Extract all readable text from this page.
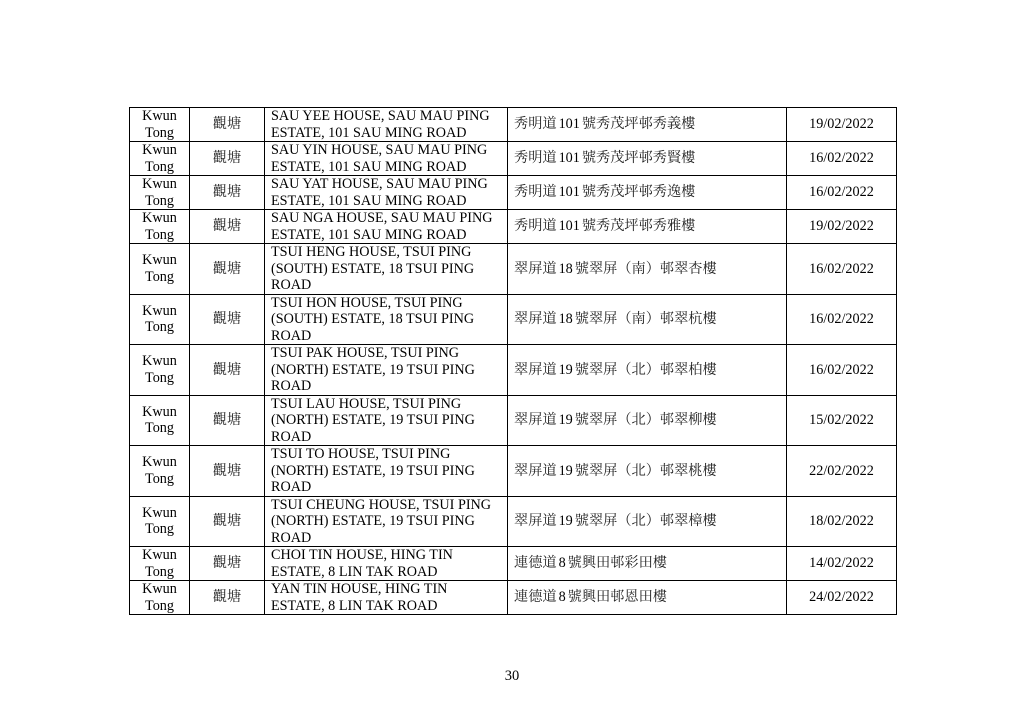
Kwun Tong	觀塘	SAU YEE HOUSE, SAU MAU PING ESTATE, 101 SAU MING ROAD	秀明道 101 號秀茂坪邨秀義樓	19/02/2022
Kwun Tong	觀塘	SAU YIN HOUSE, SAU MAU PING ESTATE, 101 SAU MING ROAD	秀明道 101 號秀茂坪邨秀賢樓	16/02/2022
Kwun Tong	觀塘	SAU YAT HOUSE, SAU MAU PING ESTATE, 101 SAU MING ROAD	秀明道 101 號秀茂坪邨秀逸樓	16/02/2022
Kwun Tong	觀塘	SAU NGA HOUSE, SAU MAU PING ESTATE, 101 SAU MING ROAD	秀明道 101 號秀茂坪邨秀雅樓	19/02/2022
Kwun Tong	觀塘	TSUI HENG HOUSE, TSUI PING (SOUTH) ESTATE, 18 TSUI PING ROAD	翠屏道 18 號翠屏（南）邨翠杏樓	16/02/2022
Kwun Tong	觀塘	TSUI HON HOUSE, TSUI PING (SOUTH) ESTATE, 18 TSUI PING ROAD	翠屏道 18 號翠屏（南）邨翠杭樓	16/02/2022
Kwun Tong	觀塘	TSUI PAK HOUSE, TSUI PING (NORTH) ESTATE, 19 TSUI PING ROAD	翠屏道 19 號翠屏（北）邨翠柏樓	16/02/2022
Kwun Tong	觀塘	TSUI LAU HOUSE, TSUI PING (NORTH) ESTATE, 19 TSUI PING ROAD	翠屏道 19 號翠屏（北）邨翠柳樓	15/02/2022
Kwun Tong	觀塘	TSUI TO HOUSE, TSUI PING (NORTH) ESTATE, 19 TSUI PING ROAD	翠屏道 19 號翠屏（北）邨翠桃樓	22/02/2022
Kwun Tong	觀塘	TSUI CHEUNG HOUSE, TSUI PING (NORTH) ESTATE, 19 TSUI PING ROAD	翠屏道 19 號翠屏（北）邨翠樟樓	18/02/2022
Kwun Tong	觀塘	CHOI TIN HOUSE, HING TIN ESTATE, 8 LIN TAK ROAD	連德道 8 號興田邨彩田樓	14/02/2022
Kwun Tong	觀塘	YAN TIN HOUSE, HING TIN ESTATE, 8 LIN TAK ROAD	連德道 8 號興田邨恩田樓	24/02/2022
30
